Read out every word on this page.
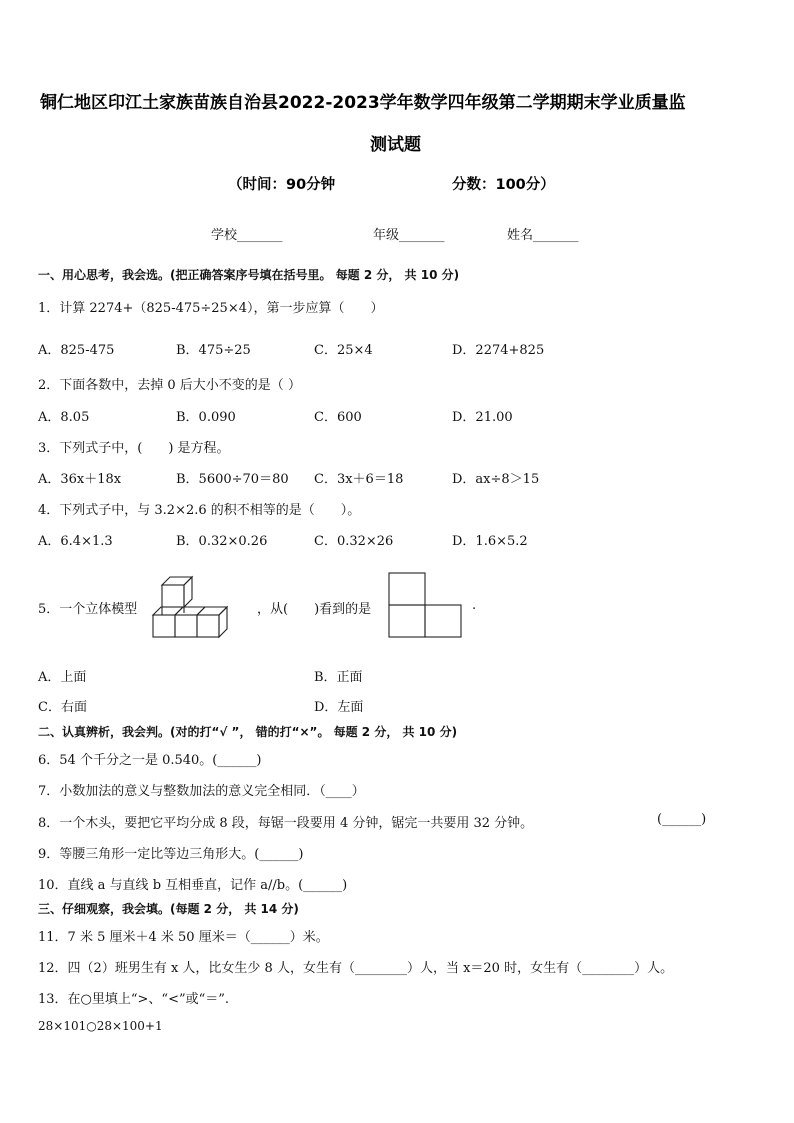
铜仁地区印江土家族苗族自治县2022-2023学年数学四年级第二学期期末学业质量监
测试题
（时间：90分钟	分数：100分）
学校_______	年级_______	姓名_______
一、用心思考，我会选。(把正确答案序号填在括号里。 每题 2 分， 共 10 分)
1．计算 2274+（825-475÷25×4），第一步应算（　　）
A．825-475	B．475÷25	C．25×4	D．2274+825
2．下面各数中，去掉 0 后大小不变的是（ ）
A．8.05	B．0.090	C．600	D．21.00
3．下列式子中，(　　) 是方程。
A．36x＋18x	B．5600÷70＝80 C．3x＋6＝18	D．ax÷8＞15
4．下列式子中，与 3.2×2.6 的积不相等的是（　　）。
A．6.4×1.3	B．0.32×0.26	C．0.32×26	D．1.6×5.2
5．一个立体模型	，从(　　)看到的是	.
A．上面	B．正面
C．右面	D．左面
二、认真辨析，我会判。(对的打“√ ”， 错的打“×”。 每题 2 分， 共 10 分)
6．54 个千分之一是 0.540。(______)
7．小数加法的意义与整数加法的意义完全相同．（____）
8．一个木头，要把它平均分成 8 段，每锯一段要用 4 分钟，锯完一共要用 32 分钟。	(______)
9．等腰三角形一定比等边三角形大。(______)
10．直线 a 与直线 b 互相垂直，记作 a//b。(______)
三、仔细观察，我会填。(每题 2 分， 共 14 分)
11．7 米 5 厘米＋4 米 50 厘米＝（______）米。
12．四（2）班男生有 x 人，比女生少 8 人，女生有（________）人，当 x＝20 时，女生有（________）人。
13．在○里填上“>、“<”或“＝”.
28×101○28×100+1
